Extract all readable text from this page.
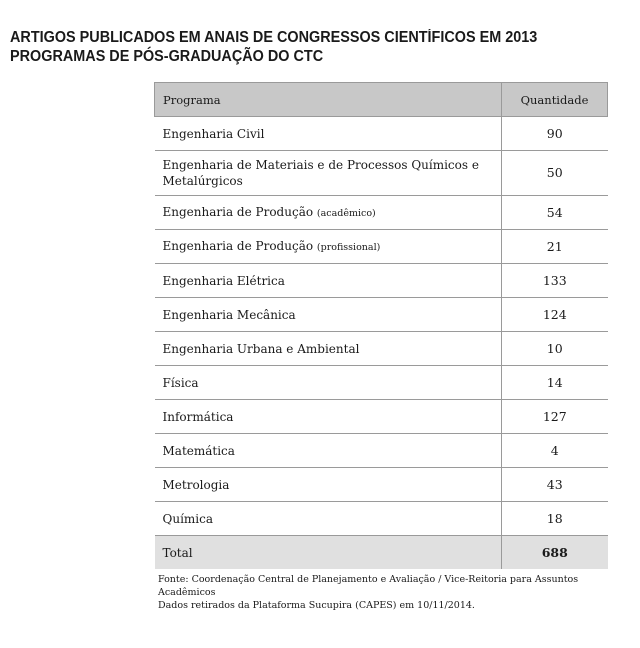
ARTIGOS PUBLICADOS EM ANAIS DE CONGRESSOS CIENTÍFICOS EM 2013
PROGRAMAS DE PÓS-GRADUAÇÃO DO CTC
Programa	Quantidade
Engenharia Civil	90
Engenharia de Materiais e de Processos Químicos e Metalúrgicos	50
Engenharia de Produção (acadêmico)	54
Engenharia de Produção (profissional)	21
Engenharia Elétrica	133
Engenharia Mecânica	124
Engenharia Urbana e Ambiental	10
Física	14
Informática	127
Matemática	4
Metrologia	43
Química	18
Total	688

Fonte: Coordenação Central de Planejamento e Avaliação / Vice-Reitoria para Assuntos Acadêmicos

Dados retirados da Plataforma Sucupira (CAPES) em 10/11/2014.
